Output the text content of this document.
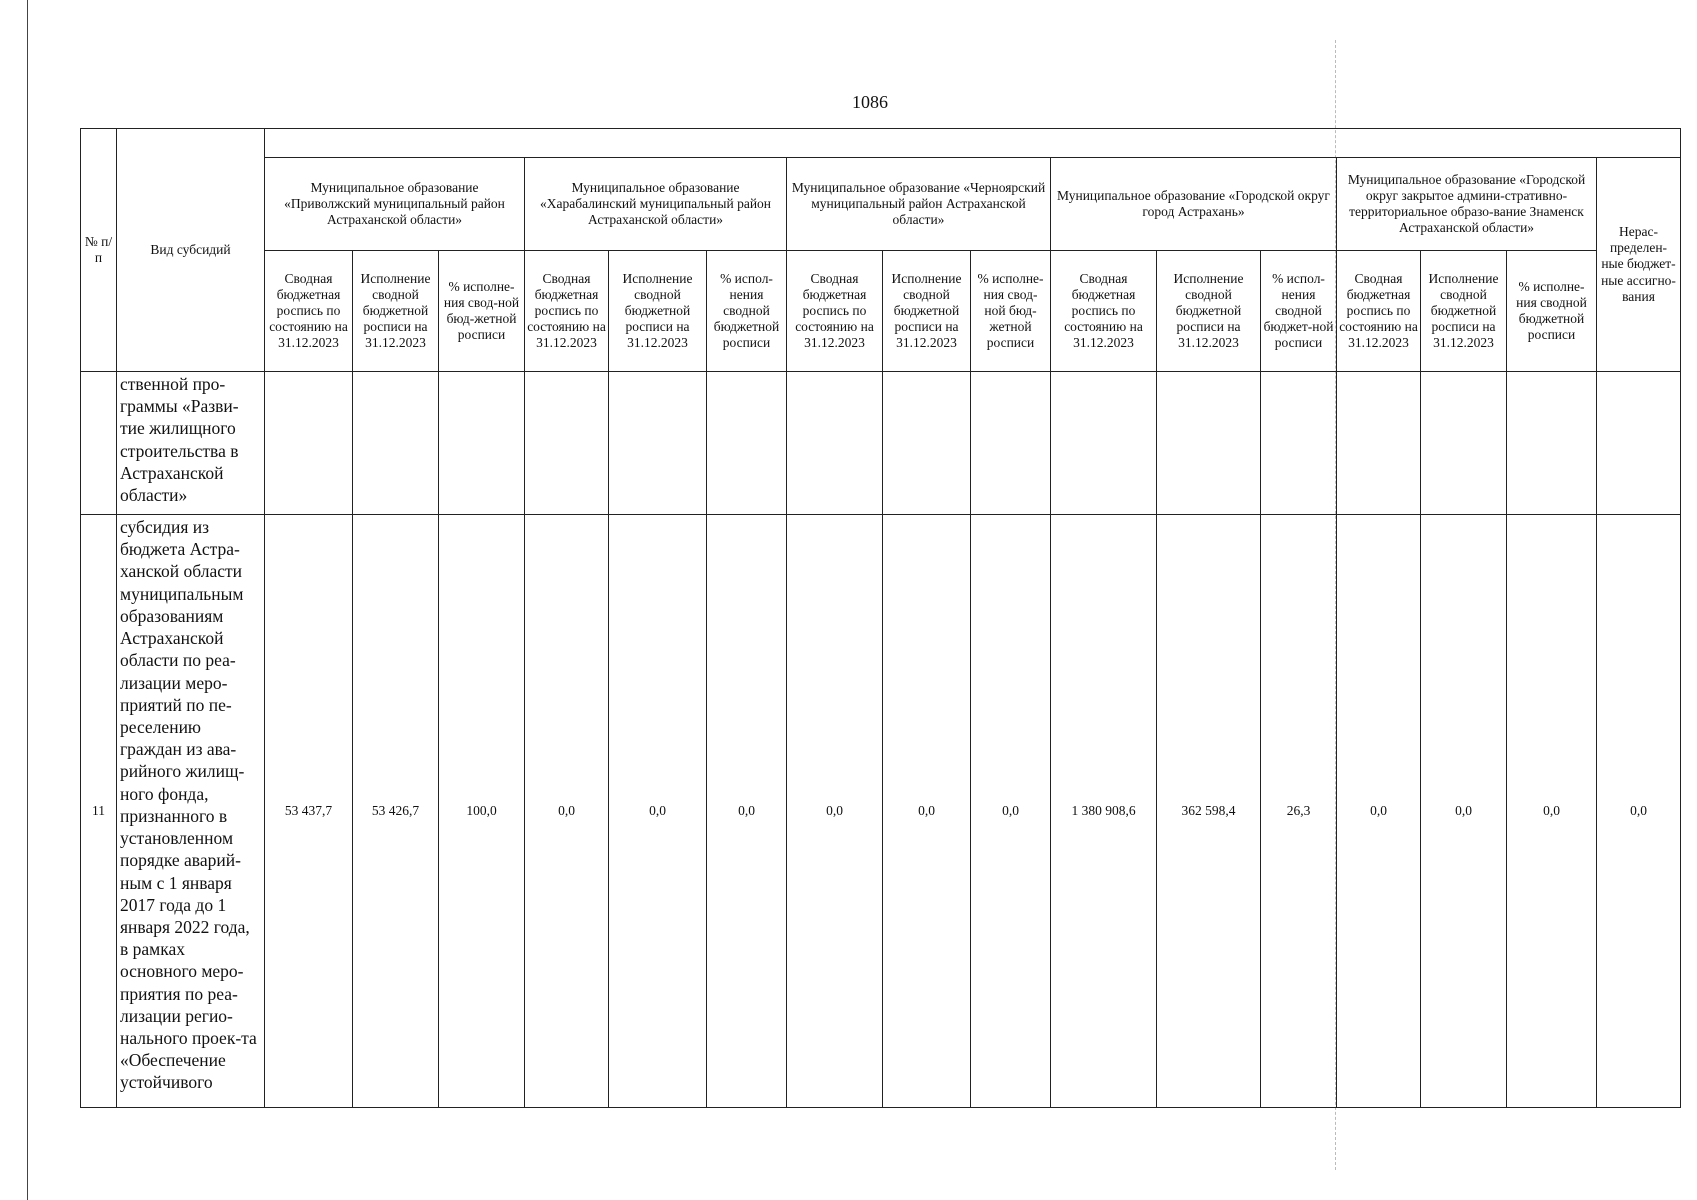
1086
№ п/п	Вид субсидий																
		Муниципальное образование «Приволжский муниципальный район Астраханской области»			Муниципальное образование «Харабалинский муниципальный район Астраханской области»			Муниципальное образование «Черноярский муниципальный район Астраханской области»			Муниципальное образование «Городской округ город Астрахань»			Муниципальное образование «Городской округ закрытое админи-стративно-территориальное образо-вание Знаменск Астраханской области»			Нерас-пределен-ные бюджет-ные ассигно-вания
		Сводная бюджетная роспись по состоянию на 31.12.2023	Исполнение сводной бюджетной росписи на 31.12.2023	% исполне-ния свод-ной бюд-жетной росписи	Сводная бюджетная роспись по состоянию на 31.12.2023	Исполнение сводной бюджетной росписи на 31.12.2023	% испол-нения сводной бюджетной росписи	Сводная бюджетная роспись по состоянию на 31.12.2023	Исполнение сводной бюджетной росписи на 31.12.2023	% исполне-ния свод-ной бюд-жетной росписи	Сводная бюджетная роспись по состоянию на 31.12.2023	Исполнение сводной бюджетной росписи на 31.12.2023	% испол-нения сводной бюджет-ной росписи	Сводная бюджетная роспись по состоянию на 31.12.2023	Исполнение сводной бюджетной росписи на 31.12.2023	% исполне-ния сводной бюджетной росписи	
	ственной про-граммы «Разви-тие жилищного строительства в Астраханской области»																
11	субсидия из бюджета Астра-ханской области муниципальным образованиям Астраханской области по реа-лизации меро-приятий по пе-реселению граждан из ава-рийного жилищ-ного фонда, признанного в установленном порядке аварий-ным с 1 января 2017 года до 1 января 2022 года, в рамках основного меро-приятия по реа-лизации регио-нального проек-та «Обеспечение устойчивого	53 437,7	53 426,7	100,0	0,0	0,0	0,0	0,0	0,0	0,0	1 380 908,6	362 598,4	26,3	0,0	0,0	0,0	0,0
